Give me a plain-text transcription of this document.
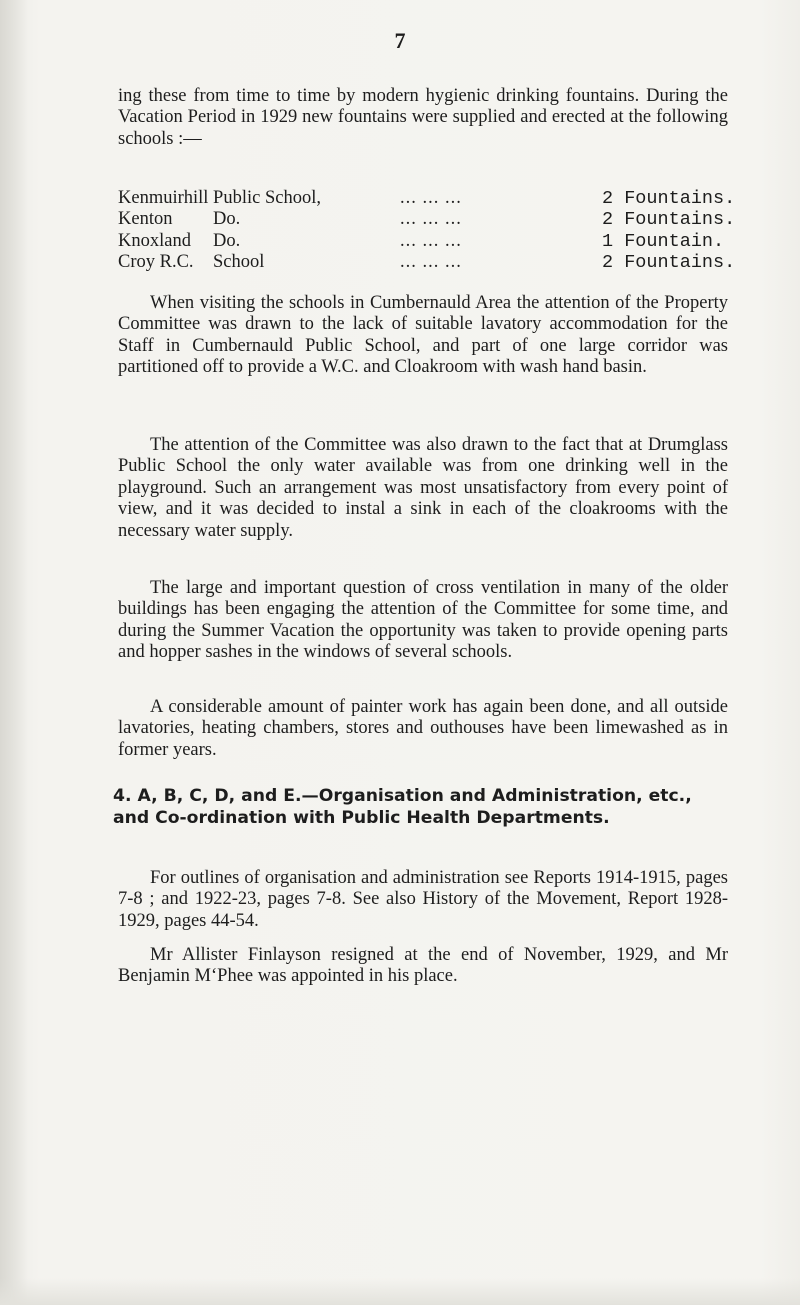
7

ing these from time to time by modern hygienic drinking fountains. During the Vacation Period in 1929 new fountains were supplied and erected at the following schools :—

Kenmuirhill Public School,	... ... ...	2 Fountains.
Kenton Do.	... ... ...	2 Fountains.
Knoxland Do.	... ... ...	1 Fountain.
Croy R.C. School	... ... ...	2 Fountains.

When visiting the schools in Cumbernauld Area the attention of the Property Committee was drawn to the lack of suitable lavatory accommodation for the Staff in Cumbernauld Public School, and part of one large corridor was partitioned off to provide a W.C. and Cloakroom with wash hand basin.

The attention of the Committee was also drawn to the fact that at Drumglass Public School the only water available was from one drinking well in the playground. Such an arrangement was most unsatisfactory from every point of view, and it was decided to instal a sink in each of the cloakrooms with the necessary water supply.

The large and important question of cross ventilation in many of the older buildings has been engaging the attention of the Committee for some time, and during the Summer Vacation the opportunity was taken to provide opening parts and hopper sashes in the windows of several schools.

A considerable amount of painter work has again been done, and all outside lavatories, heating chambers, stores and outhouses have been limewashed as in former years.

4. A, B, C, D, and E.—Organisation and Administration, etc., and Co-ordination with Public Health Departments.

For outlines of organisation and administration see Reports 1914-1915, pages 7-8 ; and 1922-23, pages 7-8. See also History of the Movement, Report 1928-1929, pages 44-54.

Mr Allister Finlayson resigned at the end of November, 1929, and Mr Benjamin M‘Phee was appointed in his place.
